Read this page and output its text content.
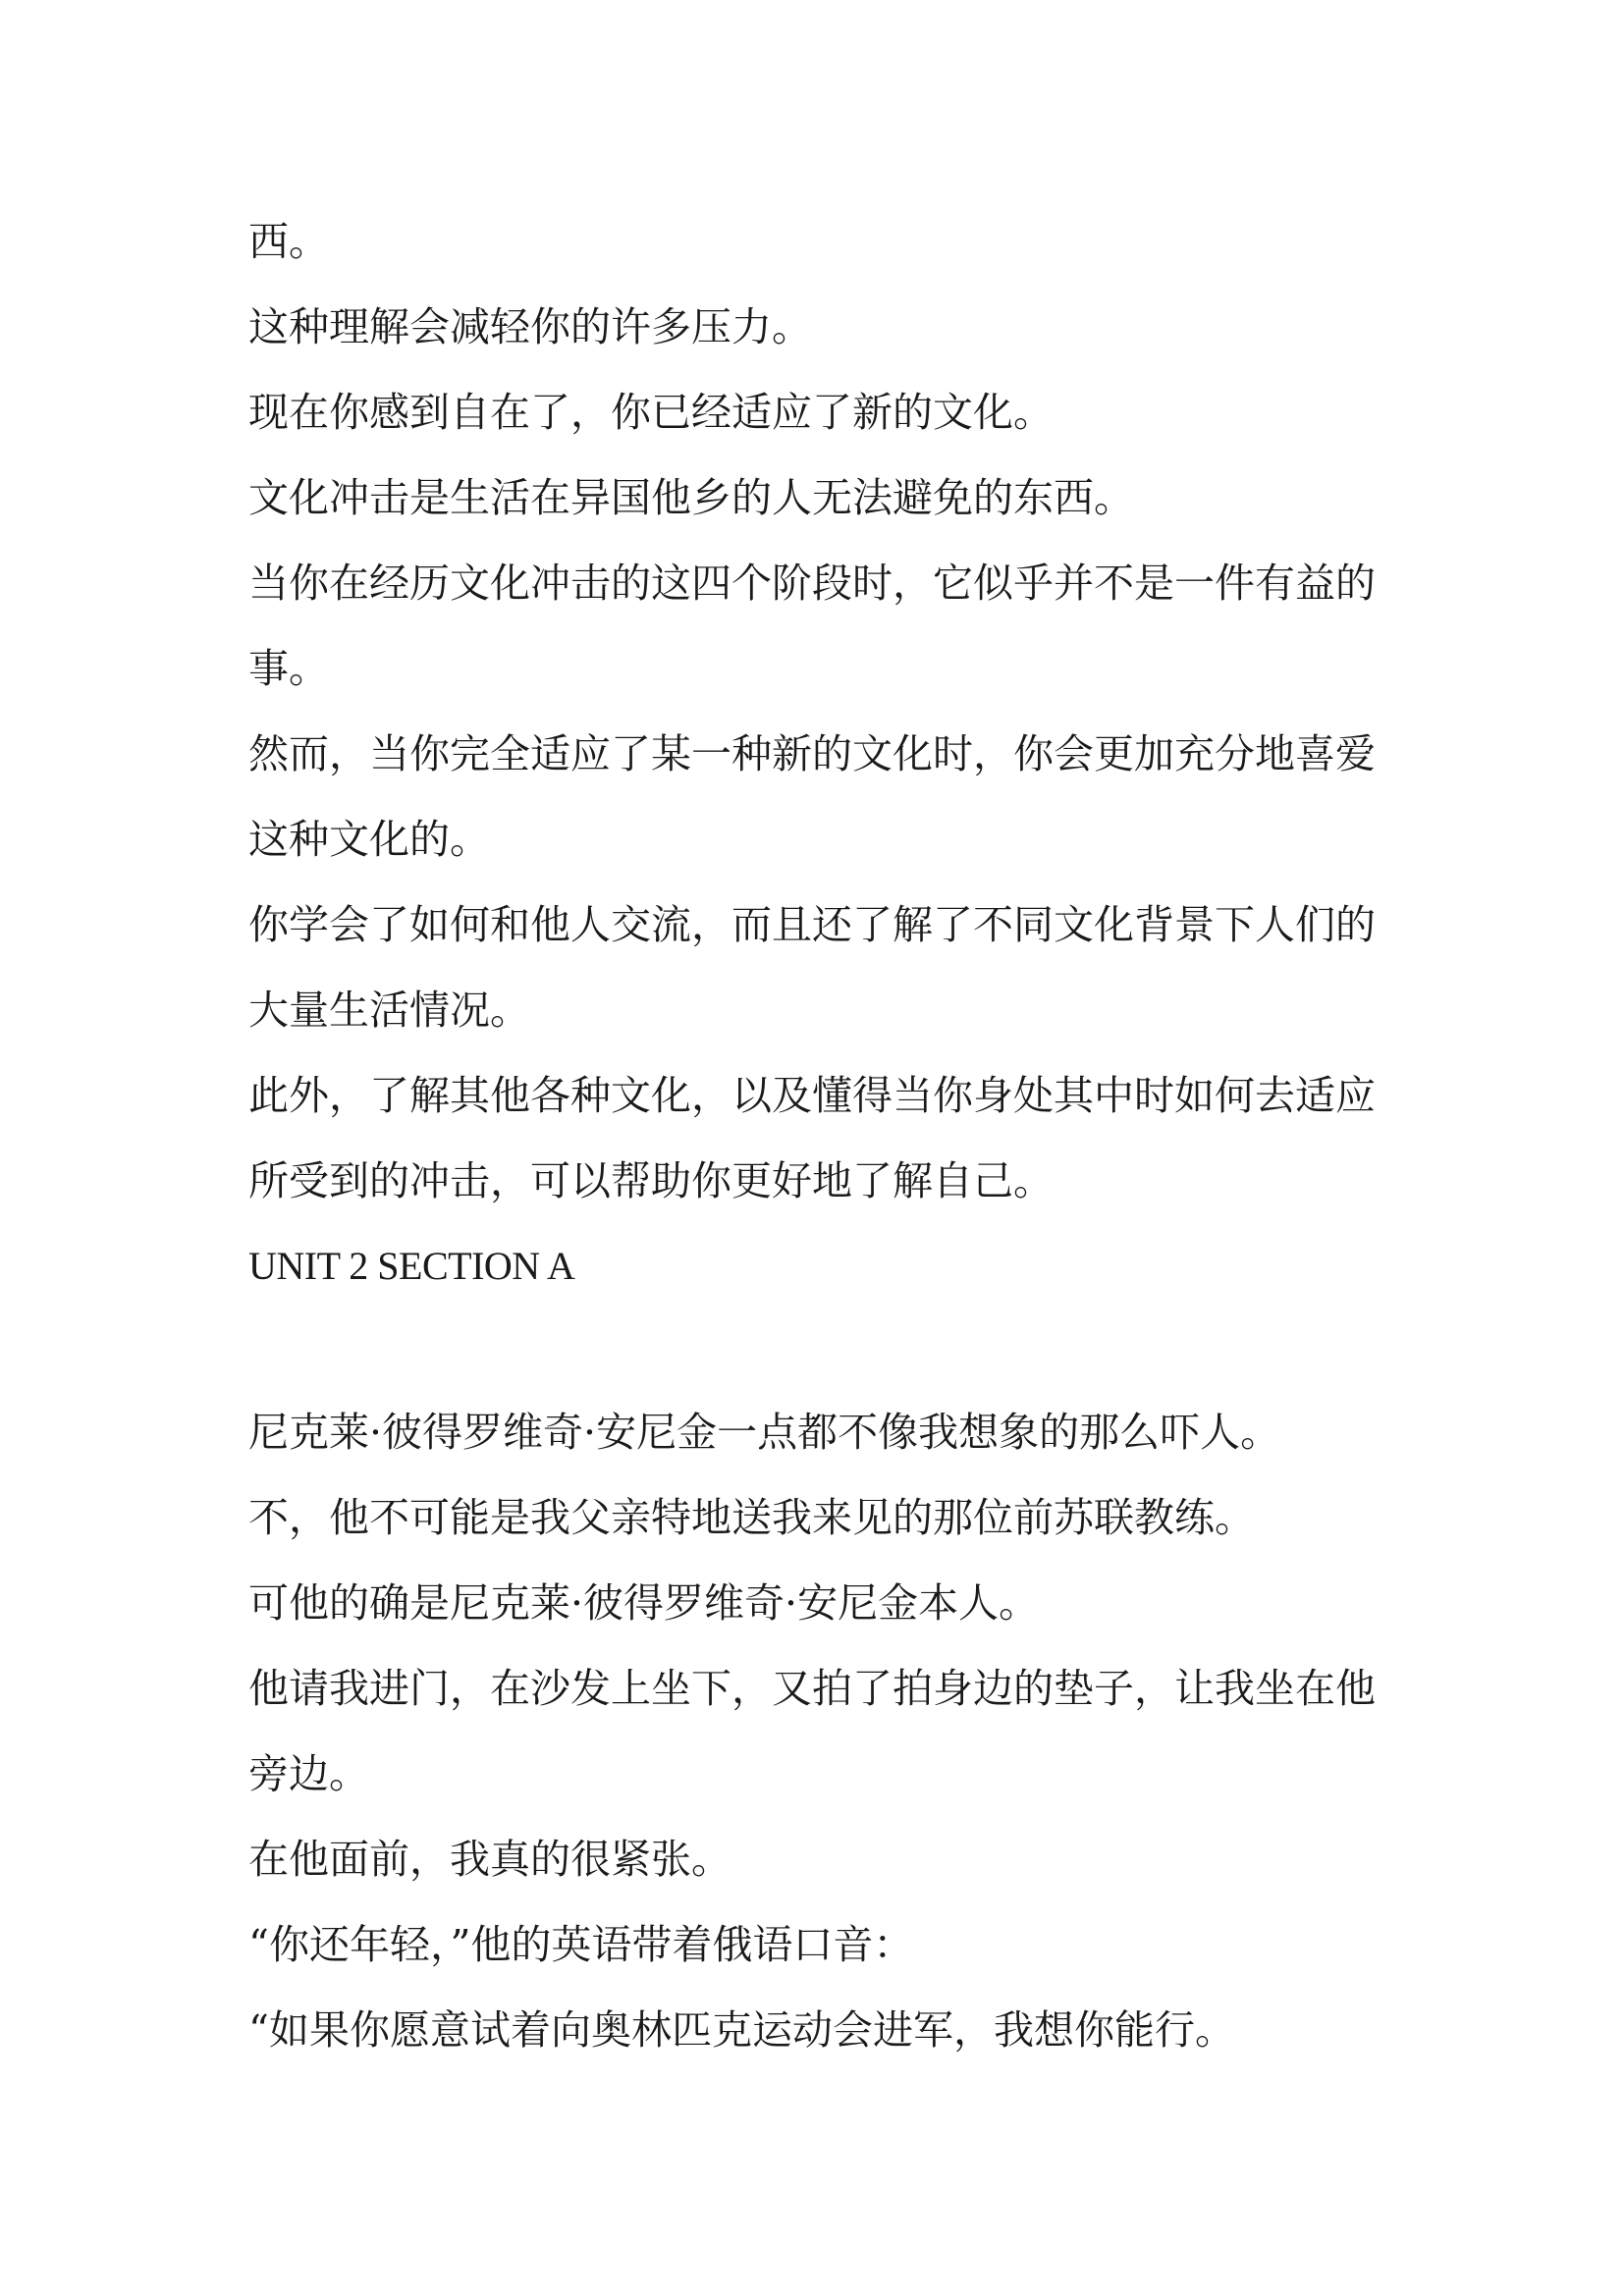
西。
这种理解会减轻你的许多压力。
现在你感到自在了，你已经适应了新的文化。
文化冲击是生活在异国他乡的人无法避免的东西。
当你在经历文化冲击的这四个阶段时，它似乎并不是一件有益的
事。
然而，当你完全适应了某一种新的文化时，你会更加充分地喜爱
这种文化的。
你学会了如何和他人交流，而且还了解了不同文化背景下人们的
大量生活情况。
此外，了解其他各种文化，以及懂得当你身处其中时如何去适应
所受到的冲击，可以帮助你更好地了解自己。
UNIT 2 SECTION A
尼克莱·彼得罗维奇·安尼金一点都不像我想象的那么吓人。
不，他不可能是我父亲特地送我来见的那位前苏联教练。
可他的确是尼克莱·彼得罗维奇·安尼金本人。
他请我进门，在沙发上坐下，又拍了拍身边的垫子，让我坐在他
旁边。
在他面前，我真的很紧张。
“你还年轻，”他的英语带着俄语口音：
“如果你愿意试着向奥林匹克运动会进军，我想你能行。
